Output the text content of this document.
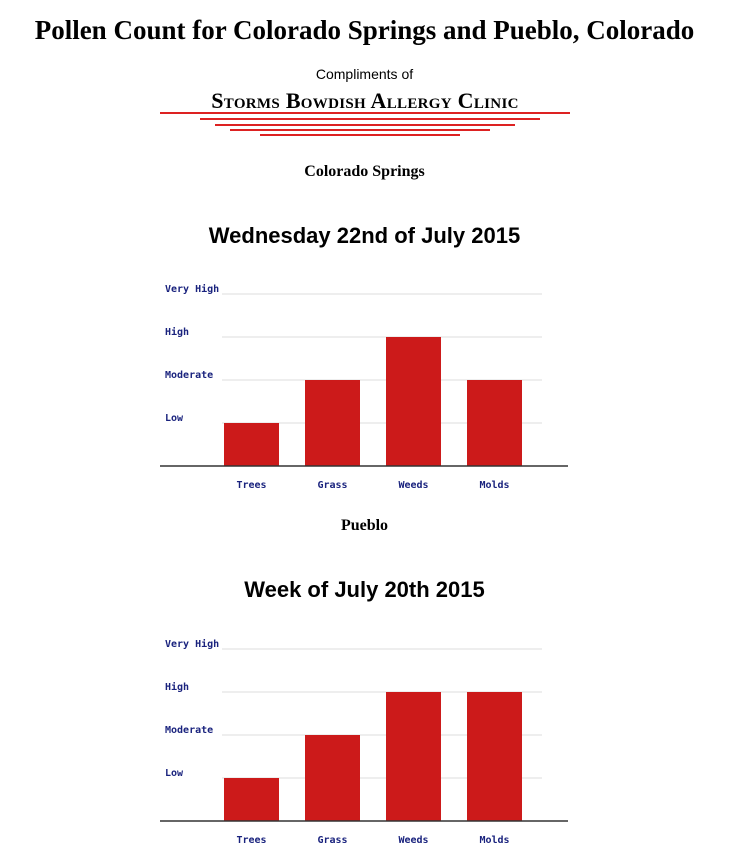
Pollen Count for Colorado Springs and Pueblo, Colorado
Compliments of
Storms Bowdish Allergy Clinic
Colorado Springs
Wednesday 22nd of July 2015
Low
Moderate
High
Very High
Trees	Grass	Weeds	Molds
Pueblo
Week of July 20th 2015
Low
Moderate
High
Very High
Trees	Grass	Weeds	Molds
